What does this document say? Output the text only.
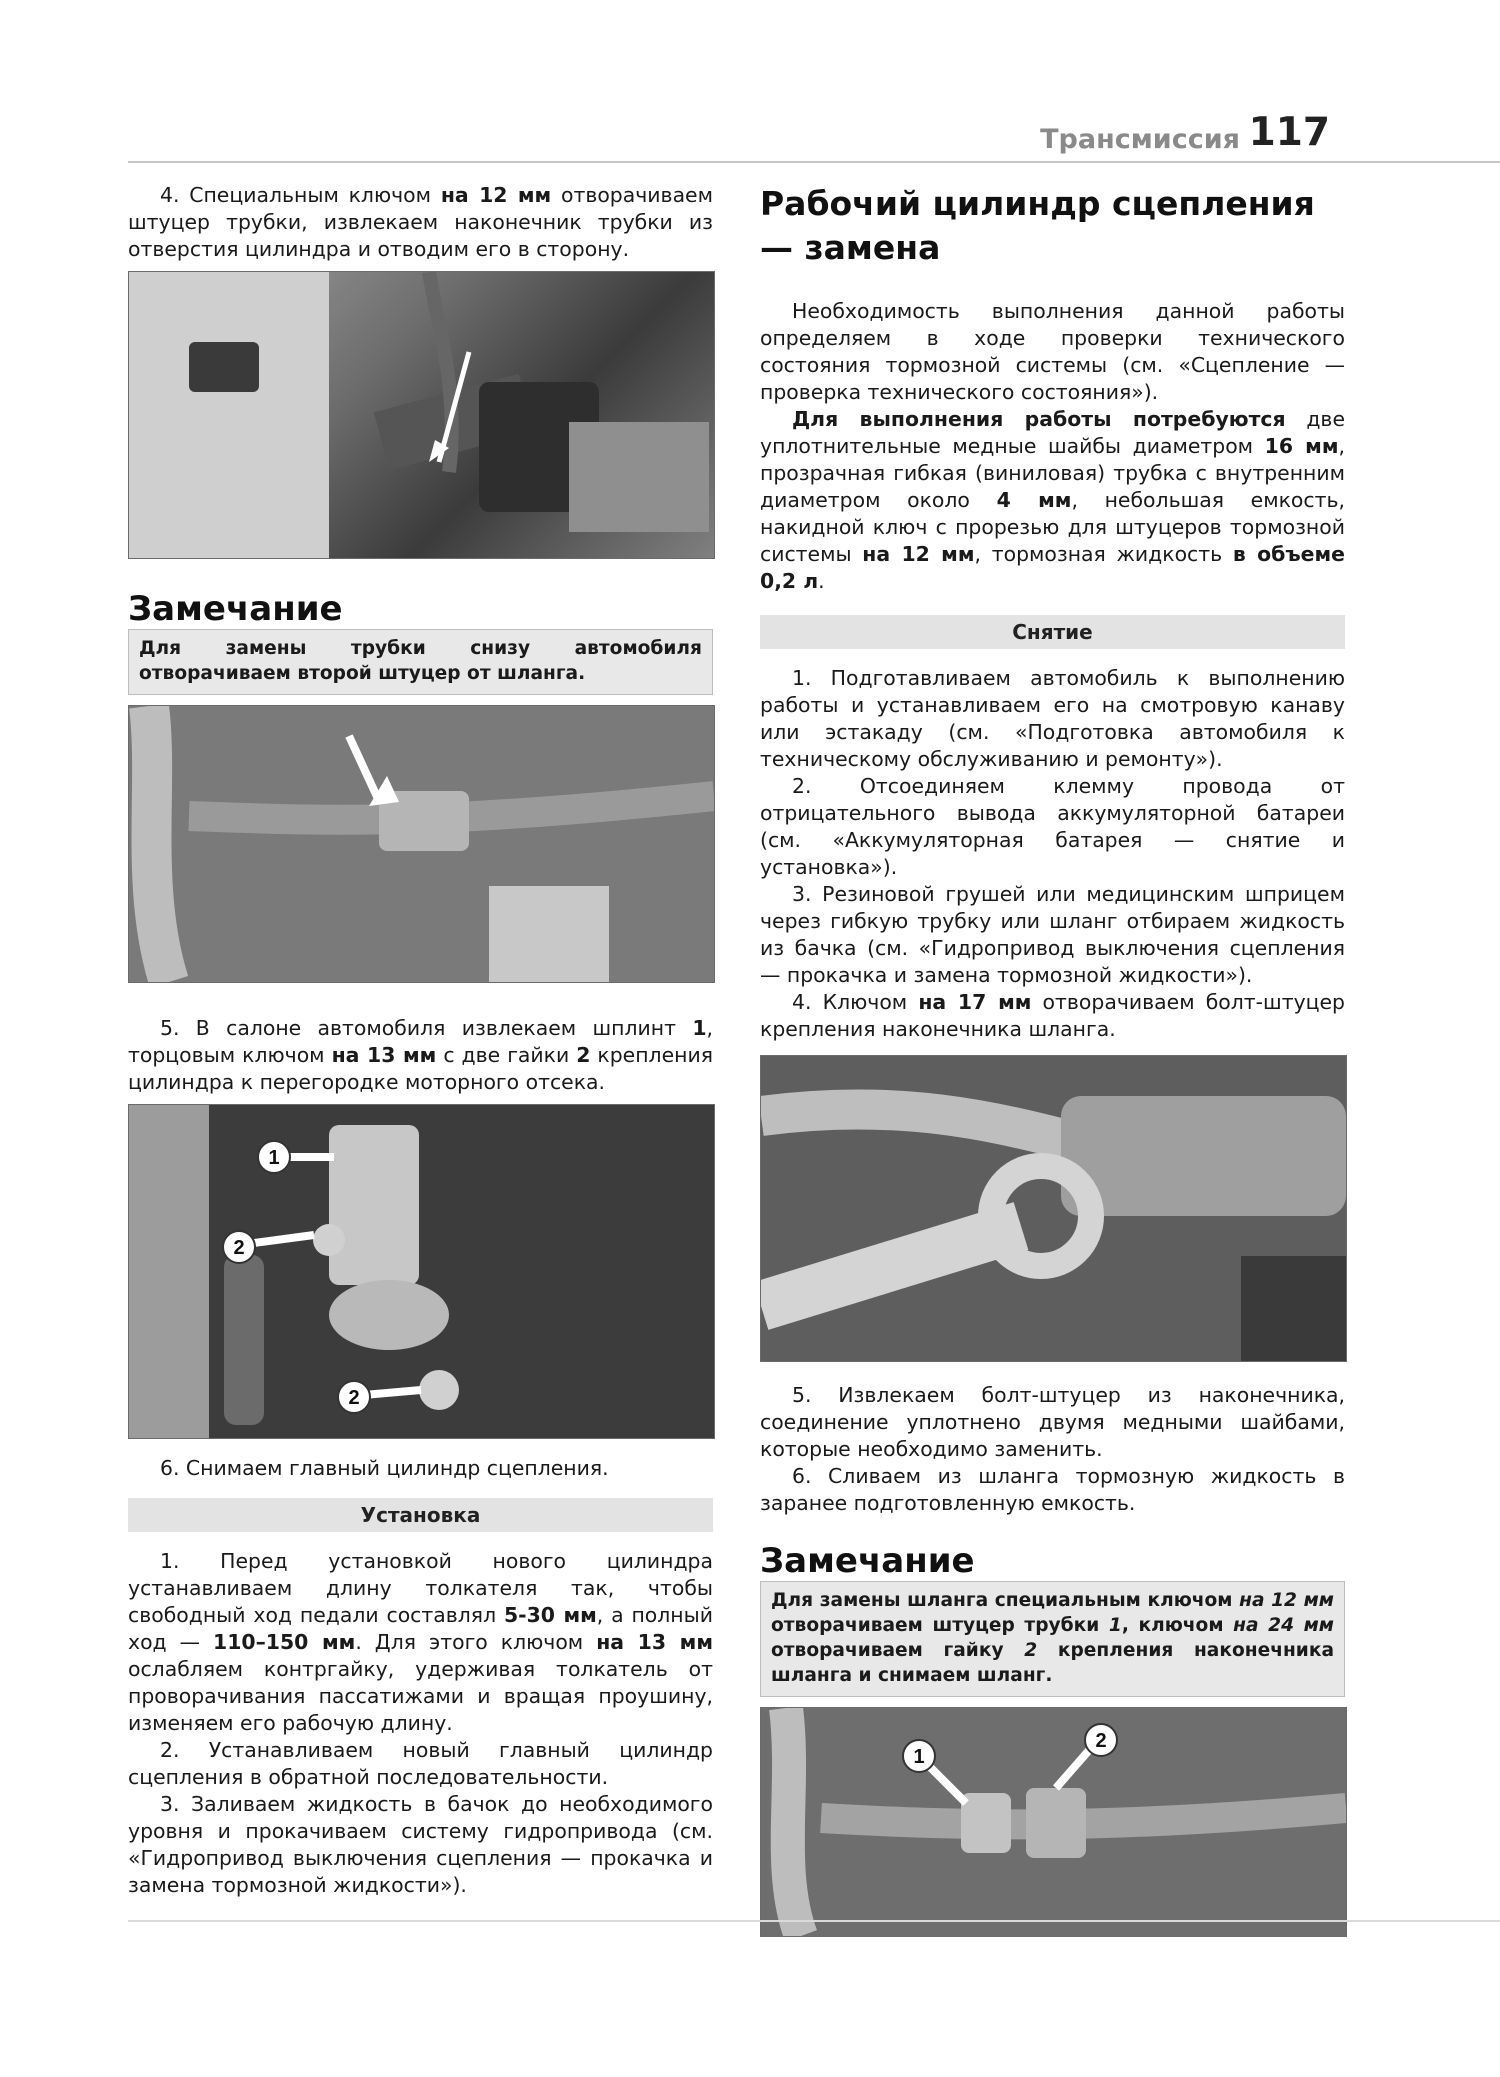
Трансмиссия 117

4. Специальным ключом на 12 мм отворачиваем штуцер трубки, извлекаем наконечник трубки из отверстия цилиндра и отводим его в сторону.

Замечание
Для замены трубки снизу автомобиля отворачиваем второй штуцер от шланга.

5. В салоне автомобиля извлекаем шплинт 1, торцовым ключом на 13 мм с две гайки 2 крепления цилиндра к перегородке моторного отсека.

1
2
2

6. Снимаем главный цилиндр сцепления.

Установка

1. Перед установкой нового цилиндра устанавливаем длину толкателя так, чтобы свободный ход педали составлял 5-30 мм, а полный ход — 110–150 мм. Для этого ключом на 13 мм ослабляем контргайку, удерживая толкатель от проворачивания пассатижами и вращая проушину, изменяем его рабочую длину.

2. Устанавливаем новый главный цилиндр сцепления в обратной последовательности.

3. Заливаем жидкость в бачок до необходимого уровня и прокачиваем систему гидропривода (см. «Гидропривод выключения сцепления — прокачка и замена тормозной жидкости»).

Рабочий цилиндр сцепления — замена

Необходимость выполнения данной работы определяем в ходе проверки технического состояния тормозной системы (см. «Сцепление — проверка технического состояния»).

Для выполнения работы потребуются две уплотнительные медные шайбы диаметром 16 мм, прозрачная гибкая (виниловая) трубка с внутренним диаметром около 4 мм, небольшая емкость, накидной ключ с прорезью для штуцеров тормозной системы на 12 мм, тормозная жидкость в объеме 0,2 л.

Снятие

1. Подготавливаем автомобиль к выполнению работы и устанавливаем его на смотровую канаву или эстакаду (см. «Подготовка автомобиля к техническому обслуживанию и ремонту»).

2. Отсоединяем клемму провода от отрицательного вывода аккумуляторной батареи (см. «Аккумуляторная батарея — снятие и установка»).

3. Резиновой грушей или медицинским шприцем через гибкую трубку или шланг отбираем жидкость из бачка (см. «Гидропривод выключения сцепления — прокачка и замена тормозной жидкости»).

4. Ключом на 17 мм отворачиваем болт-штуцер крепления наконечника шланга.

5. Извлекаем болт-штуцер из наконечника, соединение уплотнено двумя медными шайбами, которые необходимо заменить.

6. Сливаем из шланга тормозную жидкость в заранее подготовленную емкость.

Замечание
Для замены шланга специальным ключом на 12 мм отворачиваем штуцер трубки 1, ключом на 24 мм отворачиваем гайку 2 крепления наконечника шланга и снимаем шланг.
1
2
